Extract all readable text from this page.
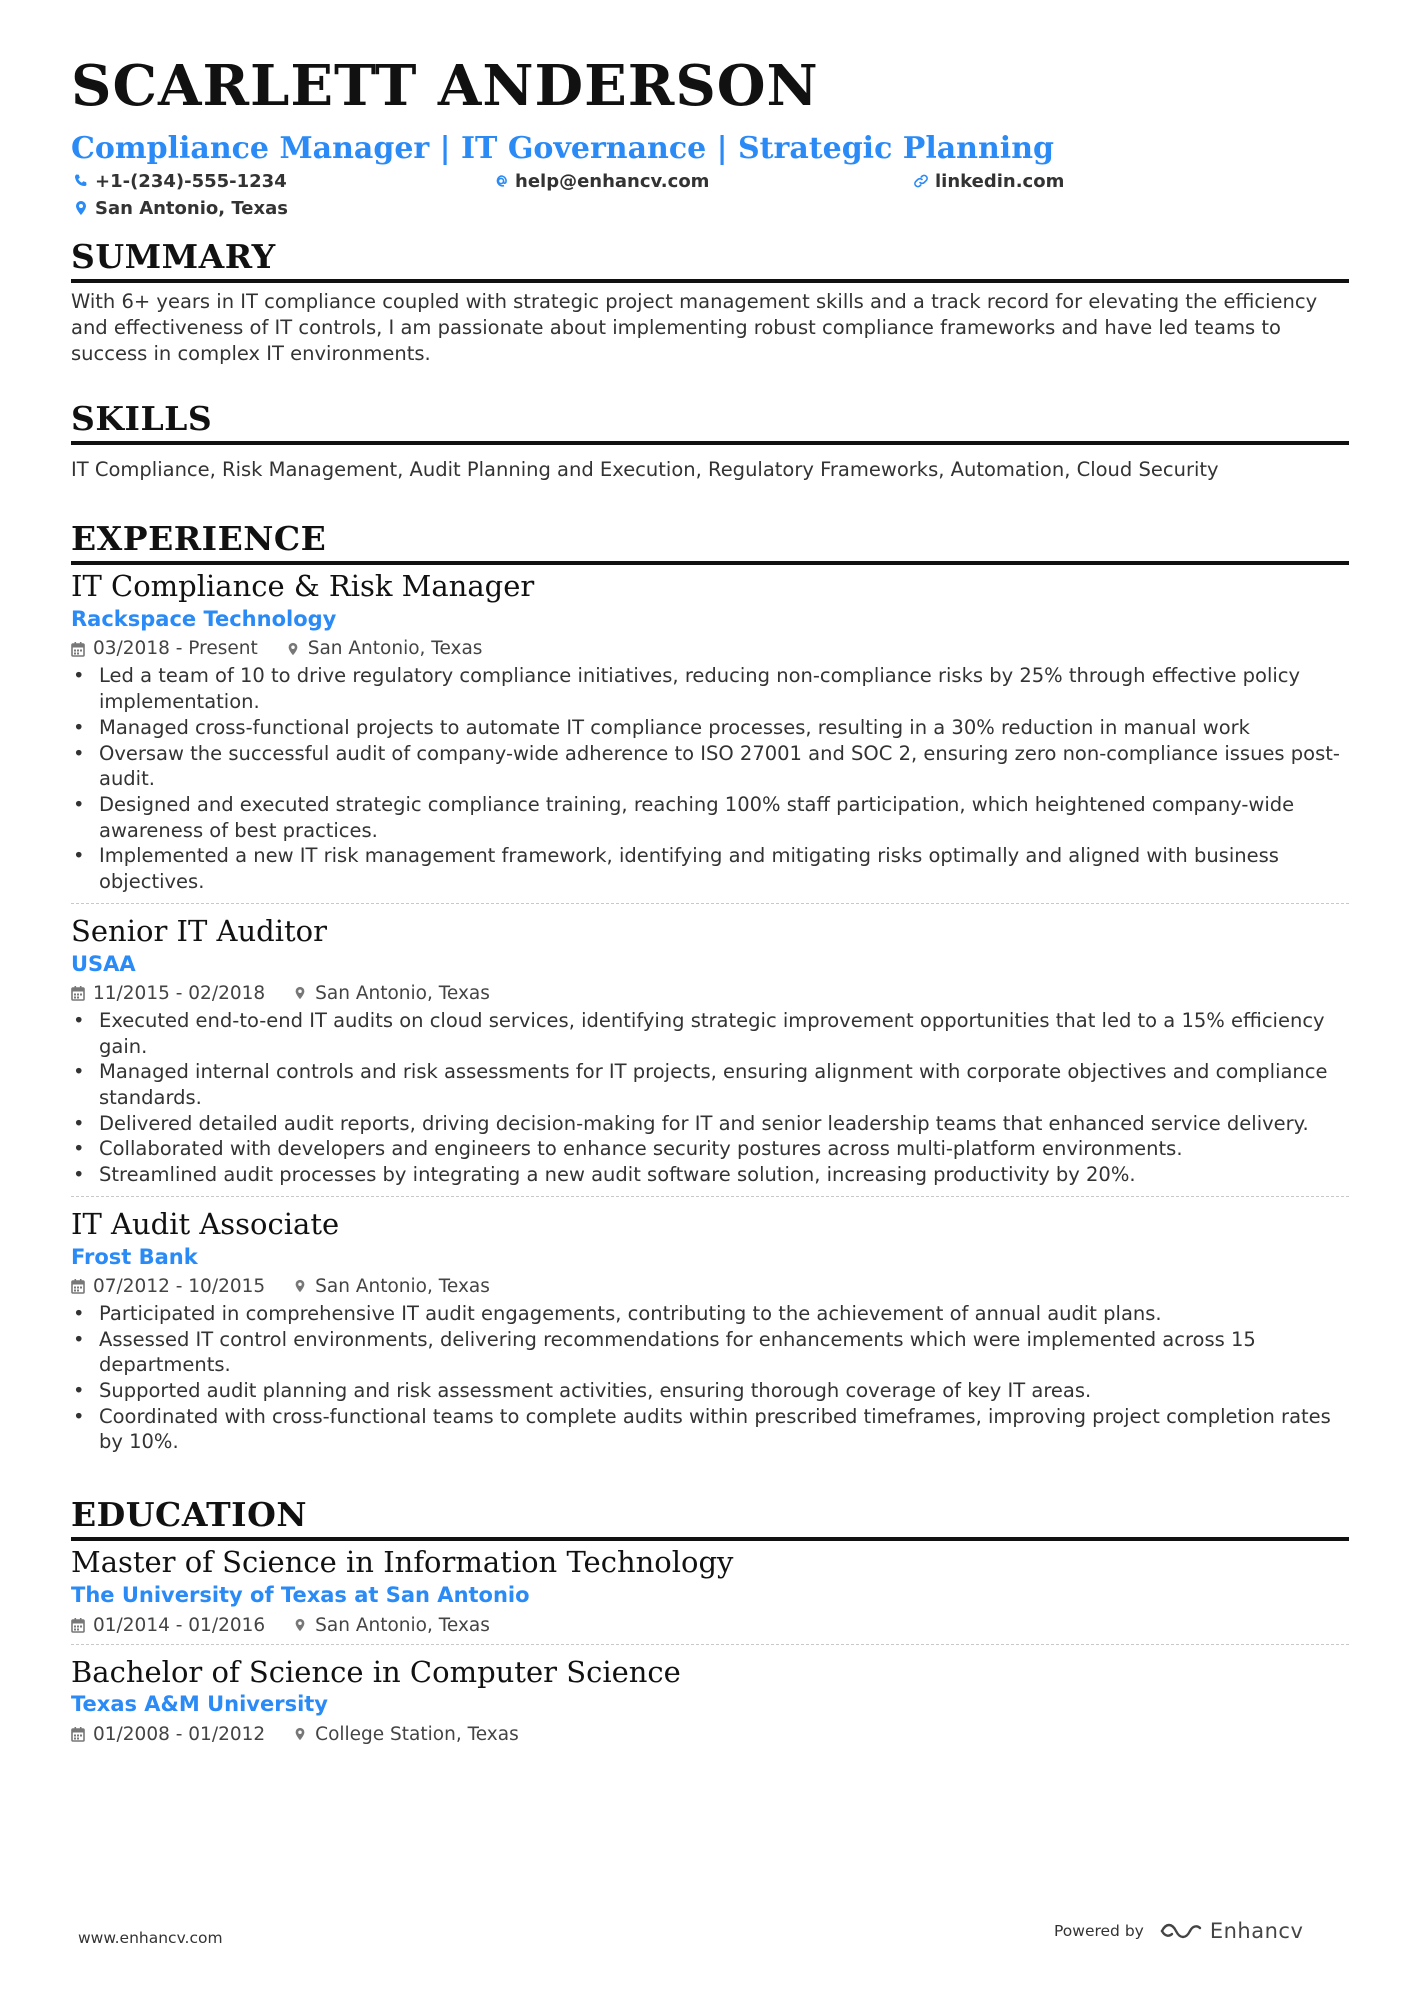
SCARLETT ANDERSON
Compliance Manager | IT Governance | Strategic Planning
+1-(234)-555-1234	help@enhancv.com	linkedin.com
San Antonio, Texas
SUMMARY

With 6+ years in IT compliance coupled with strategic project management skills and a track record for elevating the efficiency and effectiveness of IT controls, I am passionate about implementing robust compliance frameworks and have led teams to success in complex IT environments.

SKILLS

IT Compliance, Risk Management, Audit Planning and Execution, Regulatory Frameworks, Automation, Cloud Security

EXPERIENCE
IT Compliance & Risk Manager
Rackspace Technology
03/2018 - Present	San Antonio, Texas
• Led a team of 10 to drive regulatory compliance initiatives, reducing non-compliance risks by 25% through effective policy implementation.
• Managed cross-functional projects to automate IT compliance processes, resulting in a 30% reduction in manual work
• Oversaw the successful audit of company-wide adherence to ISO 27001 and SOC 2, ensuring zero non-compliance issues post-audit.
• Designed and executed strategic compliance training, reaching 100% staff participation, which heightened company-wide awareness of best practices.
• Implemented a new IT risk management framework, identifying and mitigating risks optimally and aligned with business objectives.
Senior IT Auditor
USAA
11/2015 - 02/2018	San Antonio, Texas
• Executed end-to-end IT audits on cloud services, identifying strategic improvement opportunities that led to a 15% efficiency gain.
• Managed internal controls and risk assessments for IT projects, ensuring alignment with corporate objectives and compliance standards.
• Delivered detailed audit reports, driving decision-making for IT and senior leadership teams that enhanced service delivery.
• Collaborated with developers and engineers to enhance security postures across multi-platform environments.
• Streamlined audit processes by integrating a new audit software solution, increasing productivity by 20%.
IT Audit Associate
Frost Bank
07/2012 - 10/2015	San Antonio, Texas
• Participated in comprehensive IT audit engagements, contributing to the achievement of annual audit plans.
• Assessed IT control environments, delivering recommendations for enhancements which were implemented across 15 departments.
• Supported audit planning and risk assessment activities, ensuring thorough coverage of key IT areas.
• Coordinated with cross-functional teams to complete audits within prescribed timeframes, improving project completion rates by 10%.
EDUCATION
Master of Science in Information Technology
The University of Texas at San Antonio
01/2014 - 01/2016	San Antonio, Texas
Bachelor of Science in Computer Science
Texas A&M University
01/2008 - 01/2012	College Station, Texas
www.enhancv.com	Powered by	Enhancv
